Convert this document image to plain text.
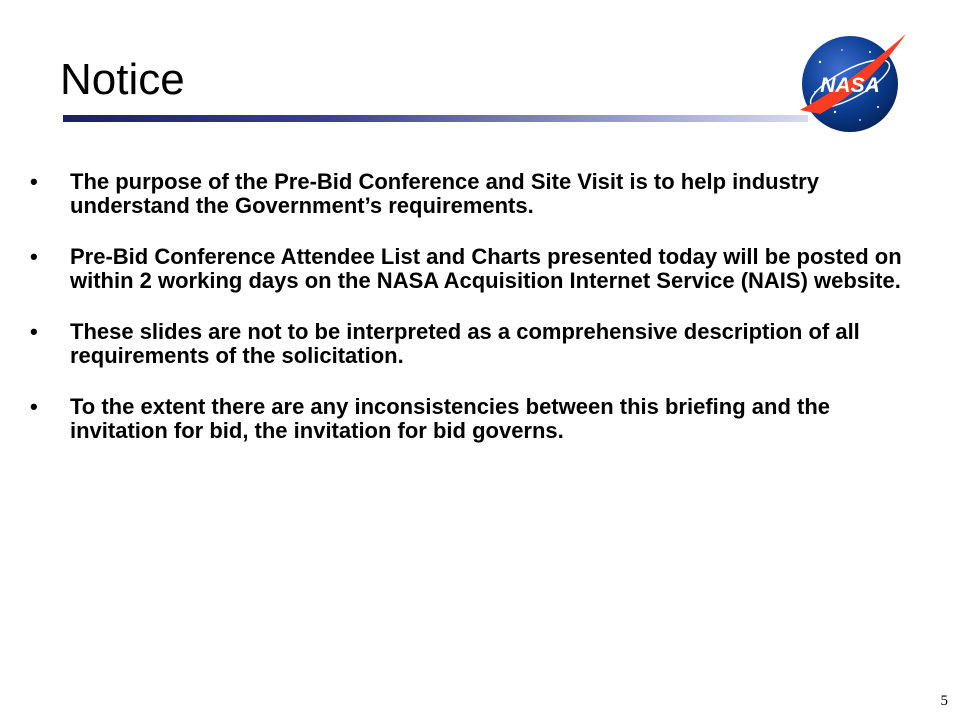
Notice	NASA
• The purpose of the Pre-Bid Conference and Site Visit is to help industry understand the Government’s requirements.
• Pre-Bid Conference Attendee List and Charts presented today will be posted on within 2 working days on the NASA Acquisition Internet Service (NAIS) website.
• These slides are not to be interpreted as a comprehensive description of all requirements of the solicitation.
• To the extent there are any inconsistencies between this briefing and the invitation for bid, the invitation for bid governs.
5
